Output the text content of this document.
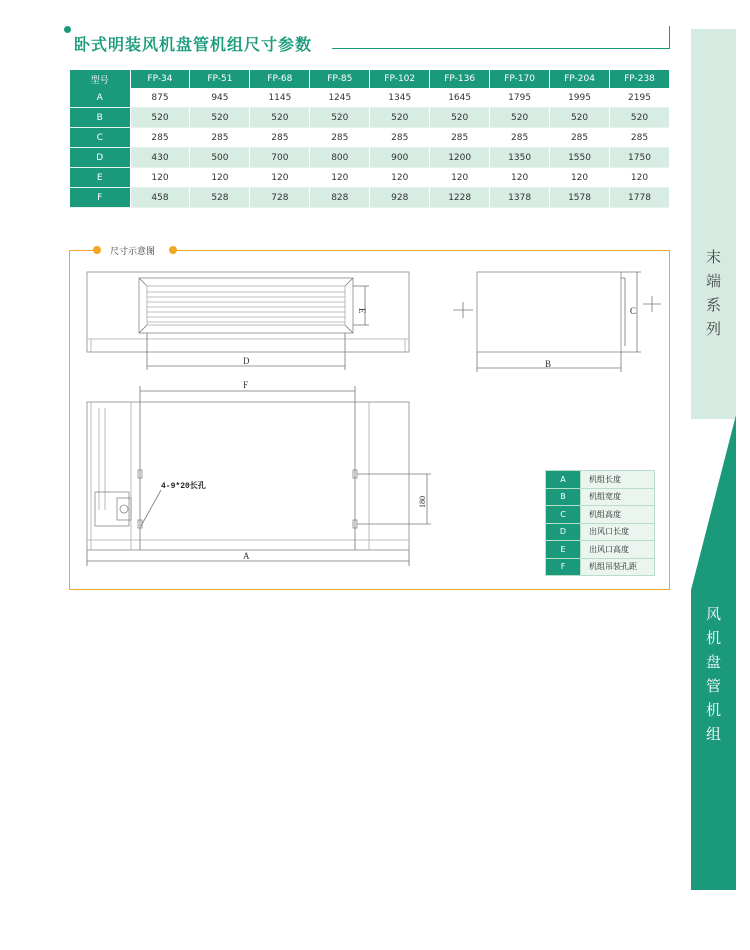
卧式明装风机盘管机组尺寸参数
型号	FP-34	FP-51	FP-68	FP-85	FP-102	FP-136	FP-170	FP-204	FP-238
A	875	945	1145	1245	1345	1645	1795	1995	2195
B	520	520	520	520	520	520	520	520	520
C	285	285	285	285	285	285	285	285	285
D	430	500	700	800	900	1200	1350	1550	1750
E	120	120	120	120	120	120	120	120	120
F	458	528	728	828	928	1228	1378	1578	1778
尺寸示意图
E
D	B
C
F
180
A
4-9*20长孔
A	机组长度
B	机组宽度
C	机组高度
D	出风口长度
E	出风口高度
F	机组吊装孔距
末
端
系
列
风
机
盘
管
机
组
